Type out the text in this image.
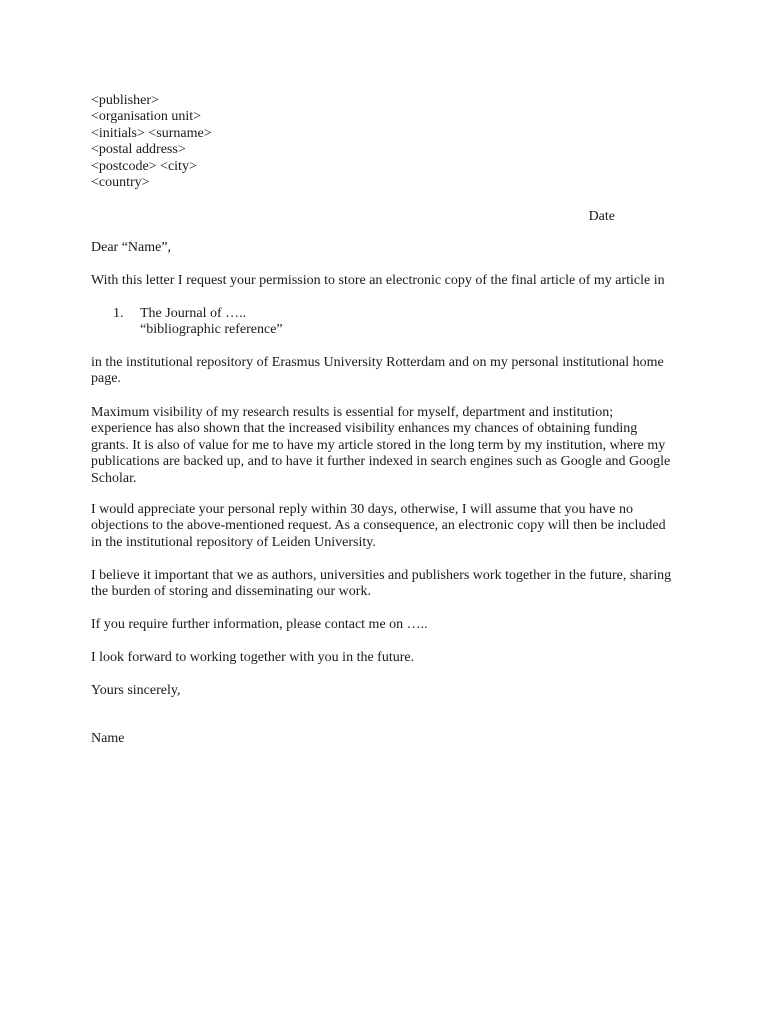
<publisher>
<organisation unit>
<initials> <surname>
<postal address>
<postcode> <city>
<country>
Date
Dear “Name”,
With this letter I request your permission to store an electronic copy of the final article of my article in
1. The Journal of …..
“bibliographic reference”
in the institutional repository of Erasmus University Rotterdam and on my personal institutional home
page.
Maximum visibility of my research results is essential for myself, department and institution;
experience has also shown that the increased visibility enhances my chances of obtaining funding
grants. It is also of value for me to have my article stored in the long term by my institution, where my
publications are backed up, and to have it further indexed in search engines such as Google and Google
Scholar.
I would appreciate your personal reply within 30 days, otherwise, I will assume that you have no
objections to the above-mentioned request. As a consequence, an electronic copy will then be included
in the institutional repository of Leiden University.
I believe it important that we as authors, universities and publishers work together in the future, sharing
the burden of storing and disseminating our work.
If you require further information, please contact me on …..
I look forward to working together with you in the future.
Yours sincerely,
Name
